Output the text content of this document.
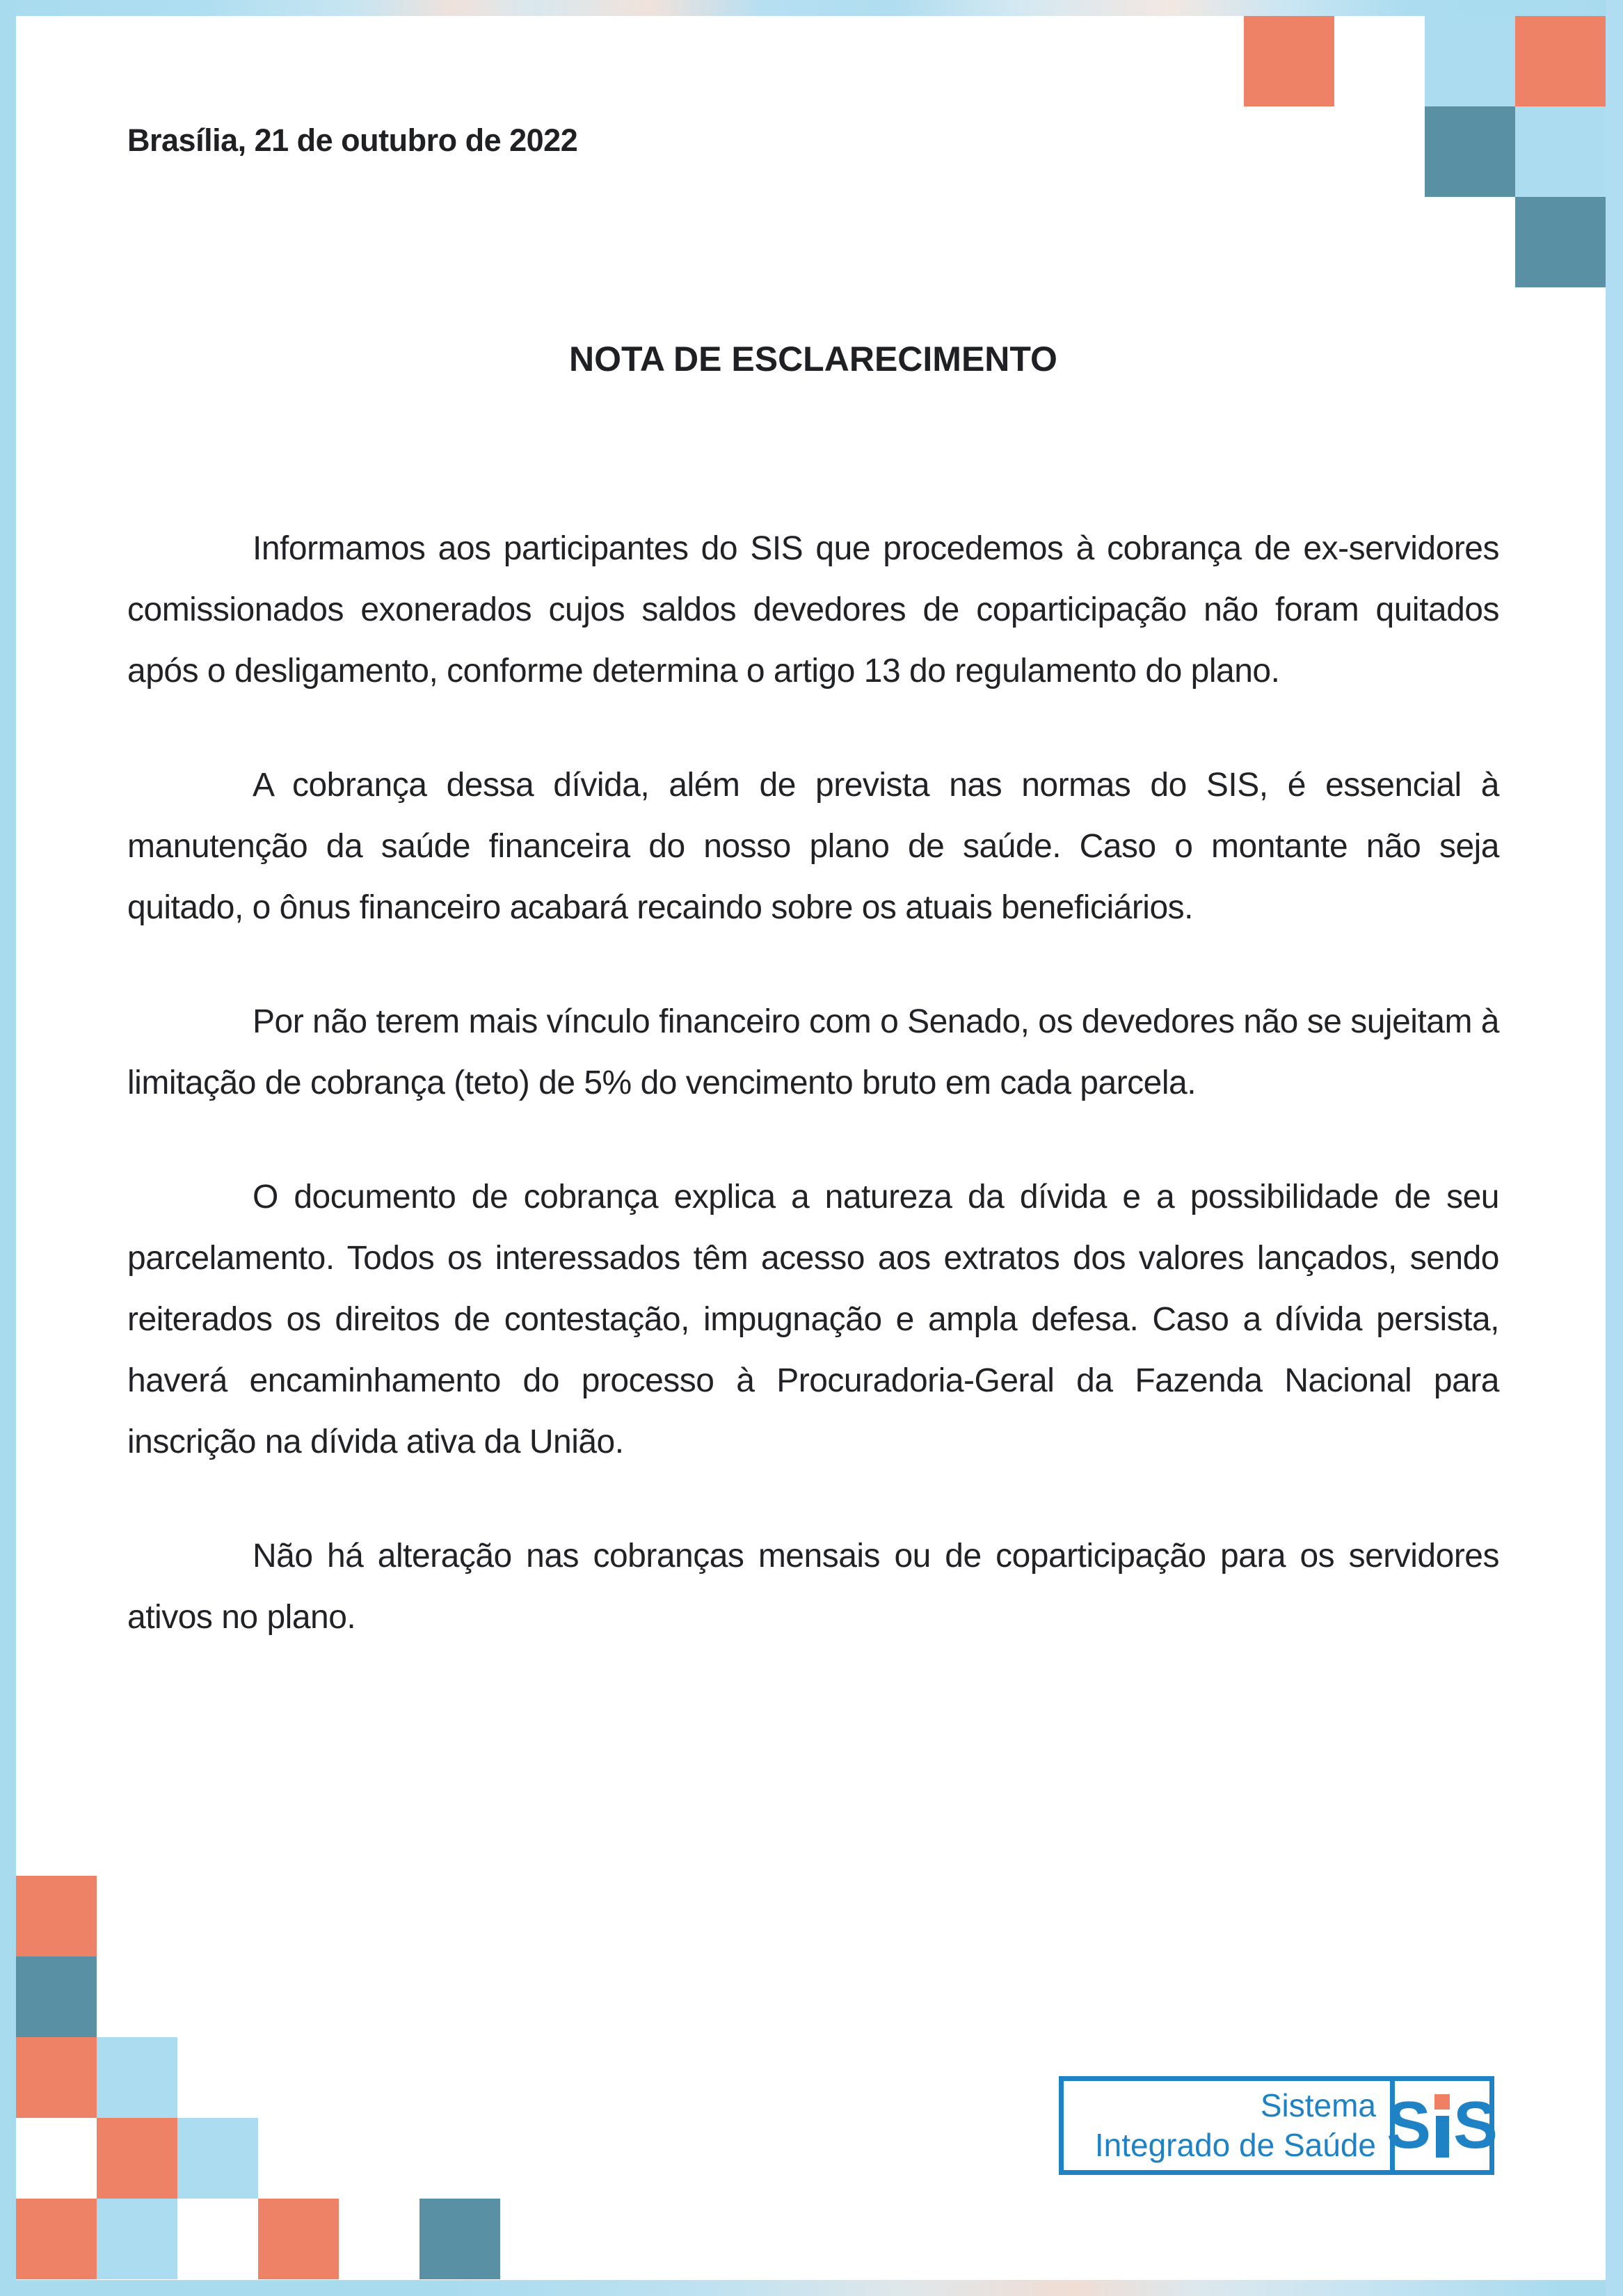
Brasília, 21 de outubro de 2022
NOTA DE ESCLARECIMENTO

Informamos aos participantes do SIS que procedemos à cobrança de ex-servidores comissionados exonerados cujos saldos devedores de coparticipação não foram quitados após o desligamento, conforme determina o artigo 13 do regulamento do plano.

A cobrança dessa dívida, além de prevista nas normas do SIS, é essencial à manutenção da saúde financeira do nosso plano de saúde. Caso o montante não seja quitado, o ônus financeiro acabará recaindo sobre os atuais beneficiários.

Por não terem mais vínculo financeiro com o Senado, os devedores não se sujeitam à limitação de cobrança (teto) de 5% do vencimento bruto em cada parcela.

O documento de cobrança explica a natureza da dívida e a possibilidade de seu parcelamento. Todos os interessados têm acesso aos extratos dos valores lançados, sendo reiterados os direitos de contestação, impugnação e ampla defesa. Caso a dívida persista, haverá encaminhamento do processo à Procuradoria-Geral da Fazenda Nacional para inscrição na dívida ativa da União.

Não há alteração nas cobranças mensais ou de coparticipação para os servidores ativos no plano.

Sistema
Integrado de Saúde S S
